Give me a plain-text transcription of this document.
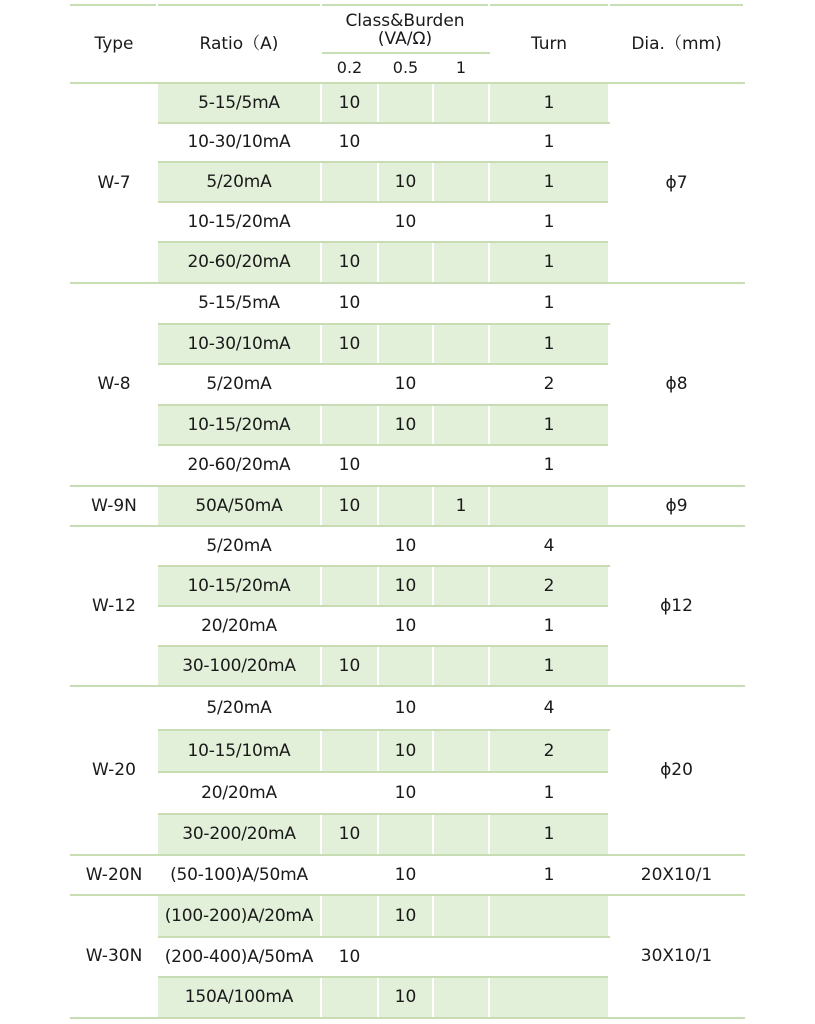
Type	Ratio（A)	Class&Burden
(VA/Ω)			Turn	Dia.（mm)
		0.2	0.5	1		
W-7	5-15/5mA	10			1	ϕ7
	10-30/10mA	10			1	
	5/20mA		10		1	
	10-15/20mA		10		1	
	20-60/20mA	10			1	
W-8	5-15/5mA	10			1	ϕ8
	10-30/10mA	10			1	
	5/20mA		10		2	
	10-15/20mA		10		1	
	20-60/20mA	10			1	
W-9N	50A/50mA	10		1		ϕ9
W-12	5/20mA		10		4	ϕ12
	10-15/20mA		10		2	
	20/20mA		10		1	
	30-100/20mA	10			1	
W-20	5/20mA		10		4	ϕ20
	10-15/10mA		10		2	
	20/20mA		10		1	
	30-200/20mA	10			1	
W-20N	(50-100)A/50mA		10		1	20X10/1
W-30N	(100-200)A/20mA		10			30X10/1
	(200-400)A/50mA	10				
	150A/100mA		10			
